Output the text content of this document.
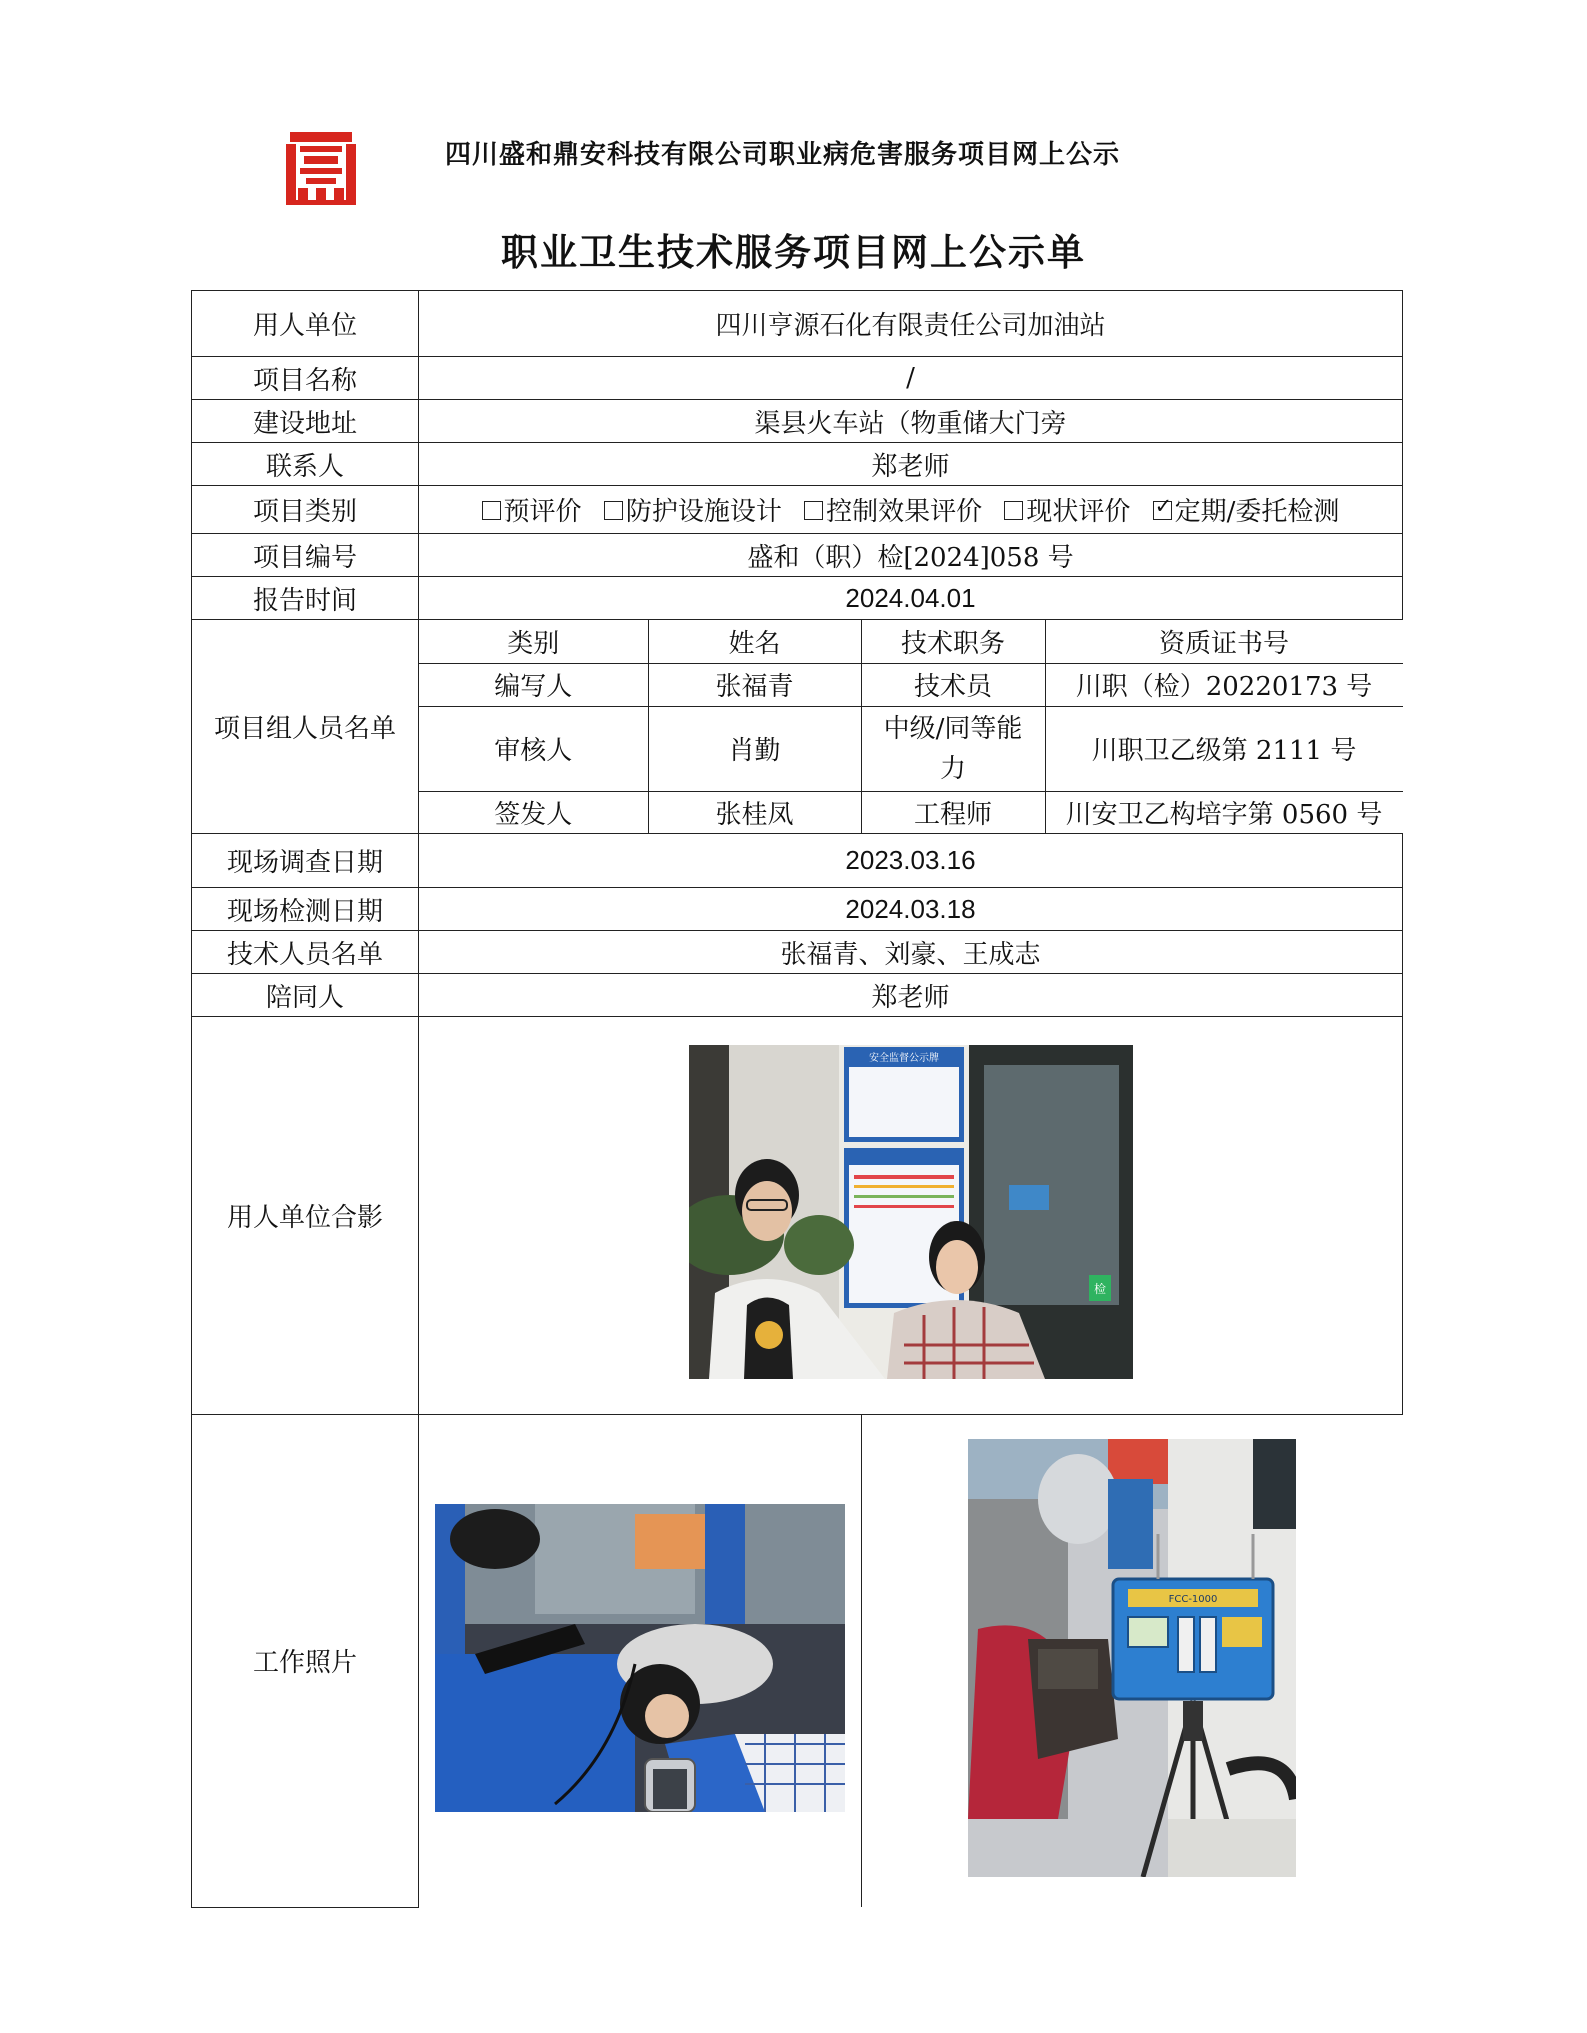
四川盛和鼎安科技有限公司职业病危害服务项目网上公示
职业卫生技术服务项目网上公示单
用人单位	四川亨源石化有限责任公司加油站
项目名称	/
建设地址	渠县火车站（物重储大门旁
联系人	郑老师
项目类别	预评价
防护设施设计
控制效果评价
现状评价

✓ 定期/委托检测

项目编号	盛和（职）检[2024]058 号
报告时间	2024.04.01
项目组人员名单	
类别	姓名	技术职务	资质证书号
编写人	张福青	技术员	川职（检）20220173 号
审核人	肖勤	中级/同等能力	川职卫乙级第 2111 号
签发人	张桂凤	工程师	川安卫乙构培字第 0560 号

现场调查日期	2023.03.16
现场检测日期	2024.03.18
技术人员名单	张福青、刘豪、王成志
陪同人	郑老师
用人单位合影	
安全监督公示牌
检

工作照片	

FCC-1000
